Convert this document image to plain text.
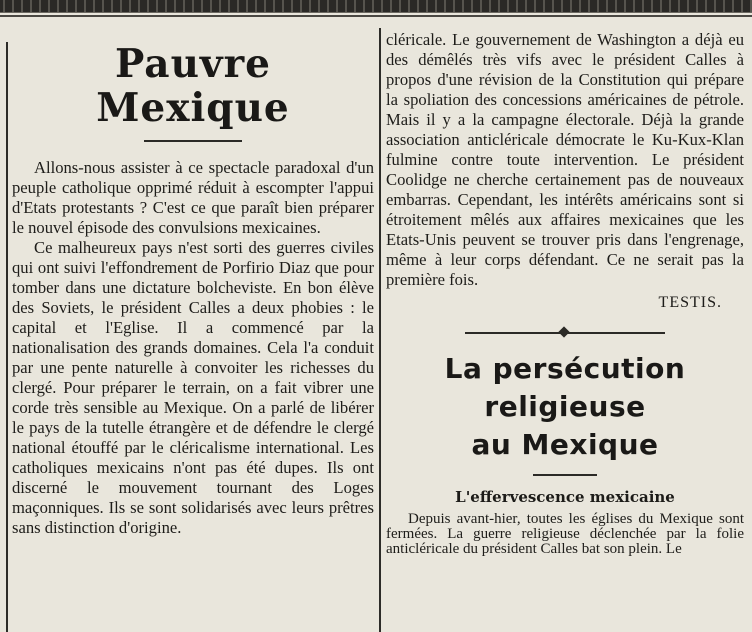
Pauvre Mexique

Allons-nous assister à ce spectacle paradoxal d'un peuple catholique opprimé réduit à escompter l'appui d'Etats protestants ? C'est ce que paraît bien préparer le nouvel épisode des convulsions mexicaines.

Ce malheureux pays n'est sorti des guerres civiles qui ont suivi l'effondrement de Porfirio Diaz que pour tomber dans une dictature bolcheviste. En bon élève des Soviets, le président Calles a deux phobies : le capital et l'Eglise. Il a commencé par la nationalisation des grands domaines. Cela l'a conduit par une pente naturelle à convoiter les richesses du clergé. Pour préparer le terrain, on a fait vibrer une corde très sensible au Mexique. On a parlé de libérer le pays de la tutelle étrangère et de défendre le clergé national étouffé par le cléricalisme international. Les catholiques mexicains n'ont pas été dupes. Ils ont discerné le mouvement tournant des Loges maçonniques. Ils se sont solidarisés avec leurs prêtres sans distinction d'origine.

cléricale. Le gouvernement de Washington a déjà eu des démêlés très vifs avec le président Calles à propos d'une révision de la Constitution qui prépare la spoliation des concessions américaines de pétrole. Mais il y a la campagne électorale. Déjà la grande association anticléricale démocrate le Ku-Kux-Klan fulmine contre toute intervention. Le président Coolidge ne cherche certainement pas de nouveaux embarras. Cependant, les intérêts américains sont si étroitement mêlés aux affaires mexicaines que les Etats-Unis peuvent se trouver pris dans l'engrenage, même à leur corps défendant. Ce ne serait pas la première fois.

TESTIS.
La persécution religieuse
au Mexique
L'effervescence mexicaine

Depuis avant-hier, toutes les églises du Mexique sont fermées. La guerre religieuse déclenchée par la folie anticléricale du président Calles bat son plein. Le
